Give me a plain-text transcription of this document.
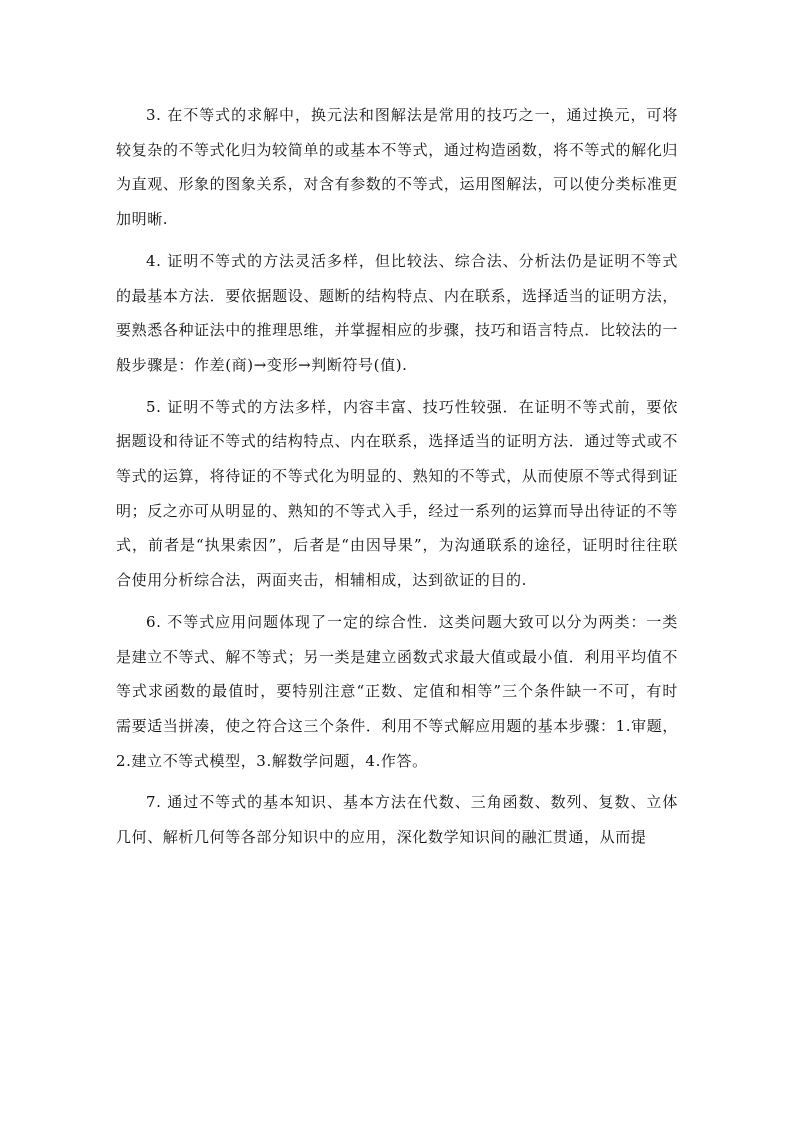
3. 在不等式的求解中，换元法和图解法是常用的技巧之一，通过换元，可将较复杂的不等式化归为较简单的或基本不等式，通过构造函数，将不等式的解化归为直观、形象的图象关系，对含有参数的不等式，运用图解法，可以使分类标准更加明晰.

4. 证明不等式的方法灵活多样，但比较法、综合法、分析法仍是证明不等式的最基本方法．要依据题设、题断的结构特点、内在联系，选择适当的证明方法，要熟悉各种证法中的推理思维，并掌握相应的步骤，技巧和语言特点．比较法的一般步骤是：作差(商)→变形→判断符号(值).

5. 证明不等式的方法多样，内容丰富、技巧性较强．在证明不等式前，要依据题设和待证不等式的结构特点、内在联系，选择适当的证明方法．通过等式或不等式的运算，将待证的不等式化为明显的、熟知的不等式，从而使原不等式得到证明；反之亦可从明显的、熟知的不等式入手，经过一系列的运算而导出待证的不等式，前者是“执果索因”，后者是“由因导果”，为沟通联系的途径，证明时往往联合使用分析综合法，两面夹击，相辅相成，达到欲证的目的.

6. 不等式应用问题体现了一定的综合性．这类问题大致可以分为两类：一类是建立不等式、解不等式；另一类是建立函数式求最大值或最小值．利用平均值不等式求函数的最值时，要特别注意“正数、定值和相等”三个条件缺一不可，有时需要适当拼凑，使之符合这三个条件．利用不等式解应用题的基本步骤：1.审题，2.建立不等式模型，3.解数学问题，4.作答。

7. 通过不等式的基本知识、基本方法在代数、三角函数、数列、复数、立体几何、解析几何等各部分知识中的应用，深化数学知识间的融汇贯通，从而提
